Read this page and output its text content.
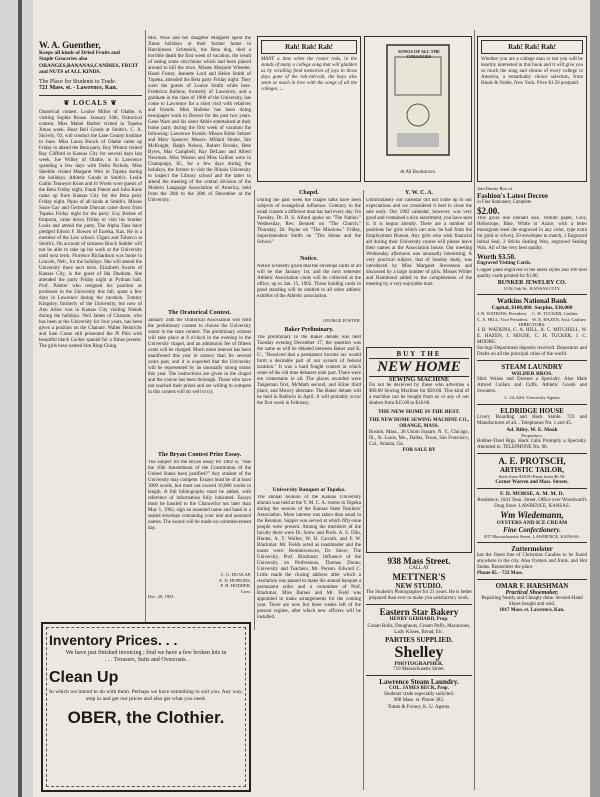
W. A. Guenther,
Keeps all kinds of Dried Fruits and
Staple Groceries also
ORANGES,BANANAS,CANDIES, FRUIT
and NUTS of ALL KINDS.
The Place for Students to Trade.
721 Mass. st. - Lawrence, Kan.
❦ LOCALS ❦
Oratorical contest. Louise Miller of Olathe, is visiting Sophie Rouse. January 24th, Oratorical contest. Miss Mabel Barber visited in Topeka Xmas week. Hoar Bell Goods at Smith's. C. A. Shively, '03, will conduct the Lane County Institute in June. Miss Laura Houck of Olathe came up Friday to attend the Beta party. Roy Winton visited Ray Clifford in Kansas City for several days last week. Joe Willey of Olathe, is in Lawrence spending a few days with Delta Nichols. Miss Sheddie visited Margaret Weir in Topeka during the holidays. Athletic Goods at Smith's. Leslie Gatlin Tenneyer Keart and Jo Wrem were guests of the Beta Friday night. Frank Patent and John Kane came up from Kansas City for the Beta party Friday night. Pipes of all kinds at Smith's. Misses Susie Gay and Gertrude Duncan came down from Topeka Friday night for the party. Guy Bisbee of Emporia, came down Friday to visit his brother Louis and attend the party. The Alpha Taus have pledged Edwin F. Bowen of Eureka, Kas. He is a member of the Law school. Cigars and Tobacco at Smith's. On account of sickness Brock Stalder will not be able to take up his work at the University until next term. Florence Richardson was home in Lincoln, Neb., for the holidays. She will attend the University there next term. Elizabeth Swarts of Kansas City, is the guest of Ida Dunham. She attended the party Friday night at Pythian hall. Prof. Palmer who resigned his position as professor in the University this fall, spent a few days in Lawrence during the vacation. Tommy Kingsley, formerly of the University, but now of Ann Arbor was in Kansas City visiting friends during the holidays. Neil James of Chanute, who has been at the University for four years, has been given a position on the Chanute. Walter Heinrichs and Sam Crane still presented the Pi Phis with beautiful black Cocker spaniel for a Xmas present. The girls have named him Ring-Ching.
Mrs. Wise and her daughter Margaret spent the Xmas holidays at their former home in Hutchinson. Schmeick, the Beta dog, died a horrible death the first week of vacation, the result of eating some strychnine which had been placed around to kill the mice. Misses Marjorie Wheeler, Hazel Foster, Jeanette Lord and Helen Smith of Topeka, attended the Beta party Friday night. They were the guests of Louise Smith while here. Frederica Bullene, formerly of Lawrence, and a graduate in the class of 1900 of the University, has come to Lawrence for a short visit with relatives and friends. Miss Bullene has been doing newspaper work in Denver for the past two years. Gene Ware and his sister Abbie entertained at their home party during the first week of vacation the following: Lawrence friends: Misses Kittie Seltzer and Mary Spencer; Messrs. Millard Shuler, Jim McKnight, Ralph Nelson, Robert Brooks, Rete Byres, Mac Campbell, Ray DeLano and Albert Newman. Miss Watson and Miss Gallien were in Champaign, Ill., for a few days during the holidays, the former to visit the Illinois University to inspect the Library school and the latter to attend the meeting of the central division of the Modern Language Association of America, held from the 26th to the 28th of December at the University.
The Oratorical Contest.
January 24th the Oratorical Association will hold the preliminary contest to choose the University orator in the state contest. The preliminary contest will take place at 8 o'clock in the evening in the University chapel, and an admission fee of fifteen cents will be charged. Much more interest has been manifested this year in oratory than for several years past, and it is expected that the University will be represented by an unusually strong orator this year. The instructions are given in the chapel and the course has been thorough. Those who have not reached their prizes and are willing to compete in this contest will do well to try.
The Bryan Contest Prize Essay.
The subject for the Bryan essay for 1902 is, "Has the 16th Amendment of the Constitution of the United States been justified?" Any student of the University may compete. Essays must be of at least 3000 words, but must not exceed 10,000 words in length. A full bibliography must be added, with reference of information fully indicated. Essays must be handed to the Chancellor not later than May 1, 1902, sign an assumed name and hand in a sealed envelope containing your real and assumed names. The award will be made on commencement day.
C. G. DUNLAP,
E. N. HOPKINS,
F. H. HODDER,
Com.
Dec. 20, 1901.
Rah! Rah! Rah!
MANY a time when the rooter rods, in the stands of many a college song that will gladden us by recalling fond memories of joys in those days gone of the rah-rah-rah, the boys who seem so much in love with the songs of all the colleges, ...
SONGS OF ALL THE COLLEGES
At All Bookstores.
Rah! Rah! Rah!
Whether you are a college man or not you will be heartily interested in this book and it will give you so much the song and chorus of every college in America, a remarkably choice selection, from Hinds & Noble, New York. Price $1.50 postpaid.
Chapel.
During the past week the chapel talks have been subjects of evangelical influence. Contrary to the usual custom a different man has had every day. On Tuesday, Dr. D. S. Alford spoke on "The Nation." Wednesday, Rev. Bennett on "The Church." Thursday, Dr. Payne on "The Missions." Friday, Superintendent Smith on "The Home and the School."
Notice.
Notice is hereby given that the envelope cards of all will be due January 1st, and the next semester Athletic Association cards will be collected at the office, up to Jan. 15, 1902. Those holding cards in good standing will be entitled to all other athletic exhibits of the Athletic association.
GEORGE FOSTER.
Baker Preliminary.
The preliminary to the Baker debate was held Tuesday evening December 17, the question was the same as will be debated between Baker and K. U., "Resolved that a permanent income tax would form a desirable part of our system of federal taxation." It was a hard fought contest in which some of the old time debaters took part. There were ten contestants in all. The places awarded were Tangeman first, McMath second, and Kline third place, and Mowry alternate. The Baker debate will be held in Baldwin in April. It will probably occur the first week in February.
University Banquet at Topeka.
The annual reunion of the Kansas University alumni was held at the Y. M. C. A. rooms in Topeka during the session of the Kansas State Teachers' Association. More interest was taken than usual in the Reunion. Supper was served at which fifty-nine people were present. Among the members of the faculty there were Dr. Snow and Profs. A. S. Olin, Hunter, A. T. Walker, W. H. Carruth, and F. W. Blackmar. Mr. Fields acted as toastmaster and the toasts were: Reminiscences, Dr. Snow; The University, Prof. Blackmar; Influence of the University on Professions, Thomas Doran; University and Teachers, Mr. Person. Edward C. Little made the closing address after which a resolution was passed to make the annual banquet a permanent order and a committee of Prof. Blackmar, Miss Barnes and Mr. Field was appointed to make arrangements for the coming year. There are now but three weeks left of the present regime, after which new officers will be installed.
Y. W. C. A.
Unfortunately our calendar did not come up to our expectations and we considered it best to close the sale early. Our 1902 calendar, however, was very good and contained a nice assortment, you have seen it. It is begun already. There are a number of positions for girls which can now be had from the Employment Bureau. Any girls who wish financial aid during their University course will please leave their names at the Association house. Our meeting Wednesday afternoon was unusually interesting. A very practical subject, that of Sunday study, was introduced by Miss Margaret Stevenson and discussed by a large number of girls. Misses Wilder and Hammond added to the completeness of the meeting by a very enjoyable duet.
BUY THE
NEW HOME
SEWING MACHINE
Do not be deceived by those who advertise a $60.00 Sewing Machine for $20.00. This kind of a machine can be bought from us or any of our dealers from $15.00 to $18.00.
THE NEW HOME IS THE BEST.
THE NEW HOME SEWING MACHINE CO., ORANGE, MASS.
Boston, Mass., 28 Union Square, N. Y., Chicago, Ill., St. Louis, Mo., Dallas, Texas, San Francisco, Cal., Atlanta, Ga.
FOR SALE BY
938 Mass Street.
CALL AT
METTNER'S
NEW STUDIO.
The Student's Photographer for 21 years. He is better prepared than ever to make you satisfactory work.
Eastern Star Bakery
HENRY GERHARD, Prop.
Cream Rolls, Doughnuts, Cream Puffs, Macaroons, Lady Kisses, Bread, Etc.
PARTIES SUPPLIED.
Shelley
PHOTOGRAPHER.
719 Massachusetts Street.
Lawrence Steam Laundry.
COL. JAMES BECK, Prop.
Students' trade especially solicited.
908 Mass. st. Phone 383.
Totten & Forney, K. U. Agents.
Join Dainty Box of
Fashion's Latest Decree
in Fine Stationery Complete
$2.00.
This gives one Donald size, Vellum paper, Grey, Heliotrope, Blue, White or Azure, with a letter monogram steel die engraved in any color, type extra for gold or silver), 50 envelopes to match, 1 Engraved Initial Seal, 2 Sticks Sealing Wax, engraved Sealing Wax. All of the very best quality.
Worth $3.50.
Engraved Visiting Cards.
Copper plate engraved in the latest styles and 100 best quality cards printed for $1.00.
BUNKER JEWELRY CO.
1116 Oak St., KANSAS CITY.
Watkins National Bank
Capital, $100,000. Surplus, $30,000
J. B. WATKINS, President.	C. H. TUCKER, Cashier.
C. A. HILL, Vice President. W. E. HAZEN, Asst. Cashier.
DIRECTORS:
J. B. WATKINS, C. A. HILL, A. C. MITCHELL, W. E. HAZEN, J. HOUSE, C. H. TUCKER, J. C. MOORE.
Savings Department deposits received. Depositors and Drafts on all the principal cities of the world.
STEAM LAUNDRY
WILDER BROS.
Shirt Waists and Dresses a Specialty. Also Male Attired Collars and Cuffs. Athletic Goods and Sweaters.
L. GLASS. University Agents
ELDRIDGE HOUSE
Livery Boarding and Hack Stable. 723 and Manufactures of all... Telephones No. 1 and 45.
Ad. Riley. W. E. Moak
Proprietors.
Rubber-Tired Rigs. Hack Calls Promptly a Specialty. Attended to. TELEPHONE No. 98.
A. E. PROTSCH,
ARTISTIC TAILOR,
Suits from $18.00 Pants from $6.50.
Corner Warren and Mass. Streets.
F. D. MORSE, A. M. M. D.
Residence, 1041 Tenn. Street. Office over Woodward's Drug Store. LAWRENCE, KANSAS.
Wm Wiedemann,
OYSTERS AND ICE CREAM
Fine Confectionery.
837 Massachusetts Street, LAWRENCE, KANSAS.
Zuttermeister
has the finest line of Christmas Candies to be found anywhere in the city. Also Oysters and fruits. and Hot Sodas. Remember the place
Phone 85. - 723 Mass.
OMAR F. HARSHMAN
Practical Shoemaker.
Repairing Neatly and Cheaply done. Second-Hand Shoes bought and sold.
1017 Mass. st. Lawrence, Kan.
Inventory Prices. . .
We have just finished invoicing ; find we have a few broken lots in
. . . Trousers, Suits and Overcoats.
Clean Up
In which we intend to do with them. Perhaps we have something to suit you. Any way, stop in and get our prices and also get what you need.
OBER, the Clothier.
